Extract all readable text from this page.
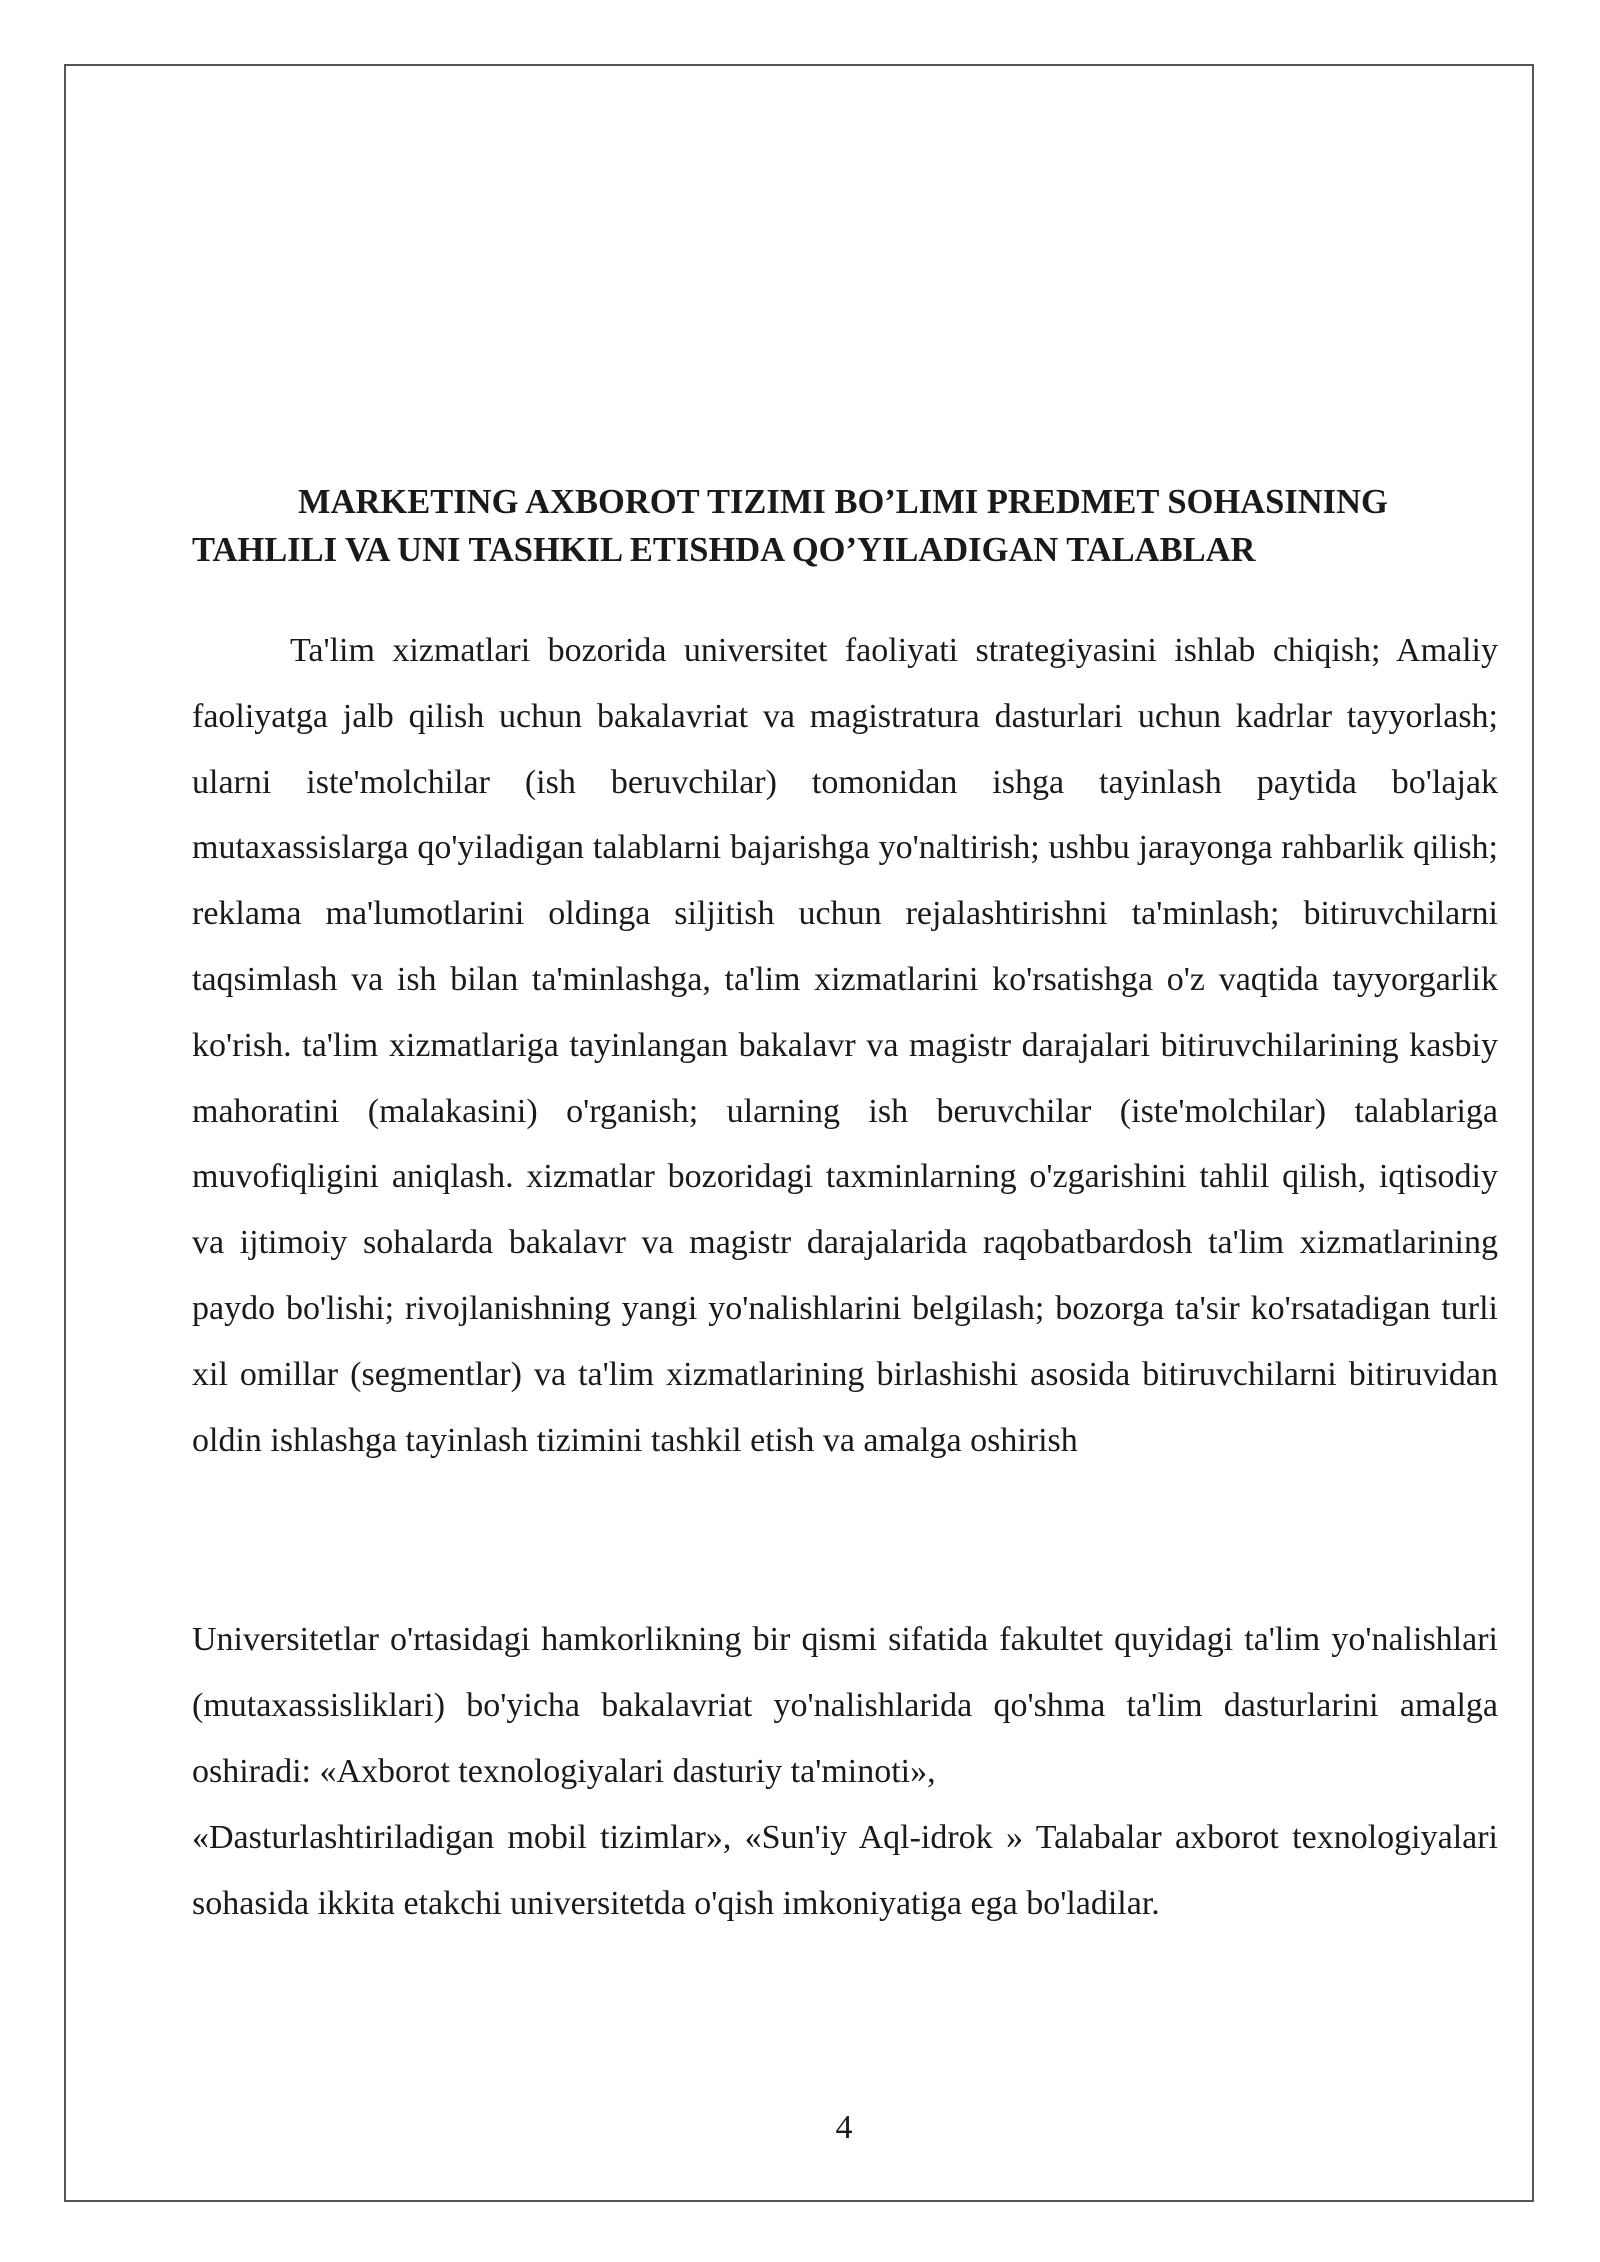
MARKETING AXBOROT TIZIMI BO’LIMI PREDMET SOHASINING TAHLILI VA UNI TASHKIL ETISHDA QO’YILADIGAN TALABLAR

Ta'lim xizmatlari bozorida universitet faoliyati strategiyasini ishlab chiqish; Amaliy faoliyatga jalb qilish uchun bakalavriat va magistratura dasturlari uchun kadrlar tayyorlash; ularni iste'molchilar (ish beruvchilar) tomonidan ishga tayinlash paytida bo'lajak mutaxassislarga qo'yiladigan talablarni bajarishga yo'naltirish; ushbu jarayonga rahbarlik qilish; reklama ma'lumotlarini oldinga siljitish uchun rejalashtirishni ta'minlash; bitiruvchilarni taqsimlash va ish bilan ta'minlashga, ta'lim xizmatlarini ko'rsatishga o'z vaqtida tayyorgarlik ko'rish. ta'lim xizmatlariga tayinlangan bakalavr va magistr darajalari bitiruvchilarining kasbiy mahoratini (malakasini) o'rganish; ularning ish beruvchilar (iste'molchilar) talablariga muvofiqligini aniqlash. xizmatlar bozoridagi taxminlarning o'zgarishini tahlil qilish, iqtisodiy va ijtimoiy sohalarda bakalavr va magistr darajalarida raqobatbardosh ta'lim xizmatlarining paydo bo'lishi; rivojlanishning yangi yo'nalishlarini belgilash; bozorga ta'sir ko'rsatadigan turli xil omillar (segmentlar) va ta'lim xizmatlarining birlashishi asosida bitiruvchilarni bitiruvidan oldin ishlashga tayinlash tizimini tashkil etish va amalga oshirish

Universitetlar o'rtasidagi hamkorlikning bir qismi sifatida fakultet quyidagi ta'lim yo'nalishlari (mutaxassisliklari) bo'yicha bakalavriat yo'nalishlarida qo'shma ta'lim dasturlarini amalga oshiradi: «Axborot texnologiyalari dasturiy ta'minoti»,

«Dasturlashtiriladigan mobil tizimlar», «Sun'iy Aql-idrok » Talabalar axborot texnologiyalari sohasida ikkita etakchi universitetda o'qish imkoniyatiga ega bo'ladilar.

4
